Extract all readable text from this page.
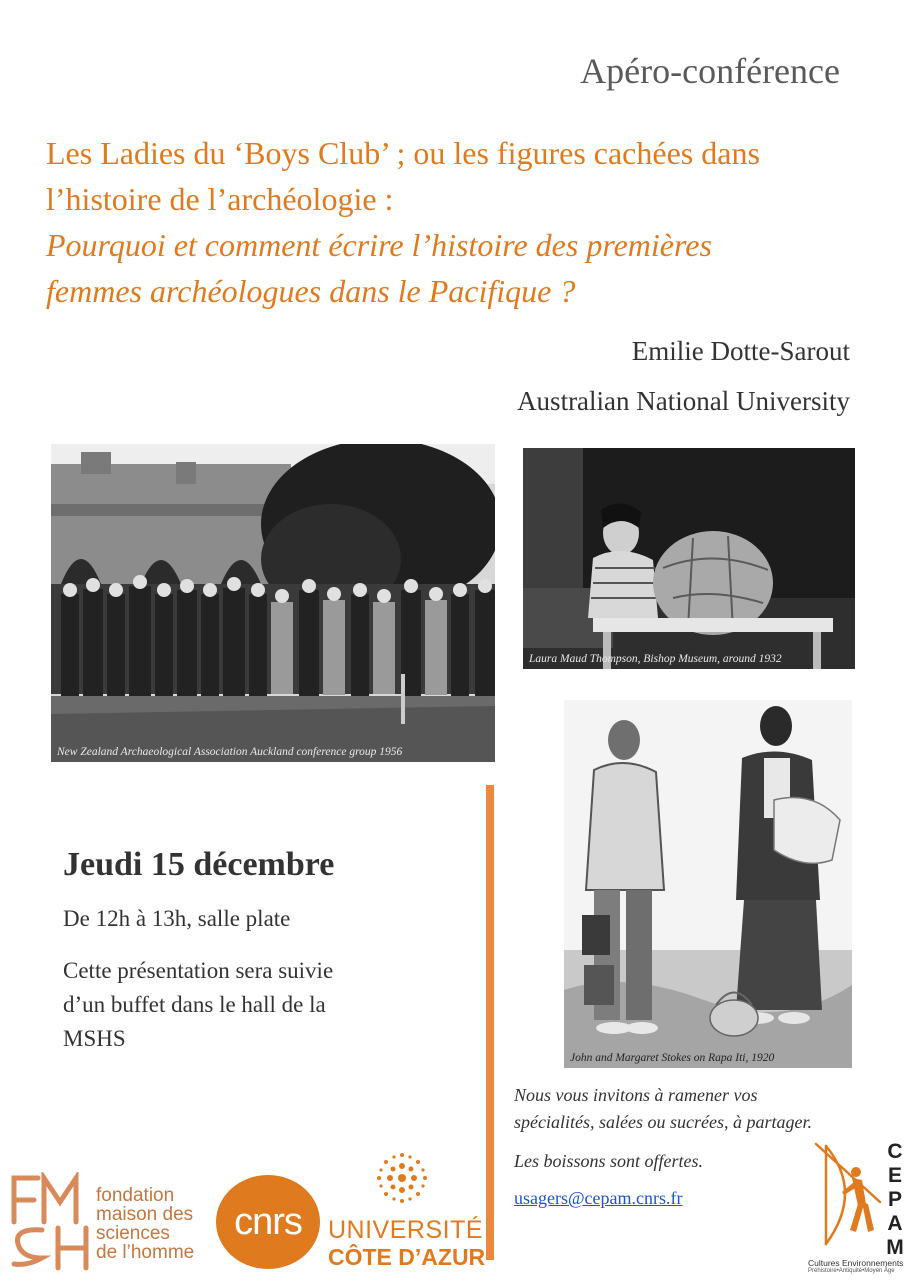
Apéro-conférence
Les Ladies du ‘Boys Club’ ; ou les figures cachées dans
l’histoire de l’archéologie :
Pourquoi et comment écrire l’histoire des premières
femmes archéologues dans le Pacifique ?
Emilie Dotte-Sarout
Australian National University
New Zealand Archaeological Association Auckland conference group 1956
Laura Maud Thompson, Bishop Museum, around 1932
John and Margaret Stokes on Rapa Iti, 1920
Jeudi 15 décembre
De 12h à 13h, salle plate
Cette présentation sera suivie
d’un buffet dans le hall de la
MSHS
Nous vous invitons à ramener vos
spécialités, salées ou sucrées, à partager.
Les boissons sont offertes.
usagers@cepam.cnrs.fr
fondation
maison des
sciences
de l’homme
cnrs UNIVERSITÉ
CÔTE D’AZUR
C
E
P
A
M
Cultures Environnements
Préhistoire•Antiquité•Moyen Âge
